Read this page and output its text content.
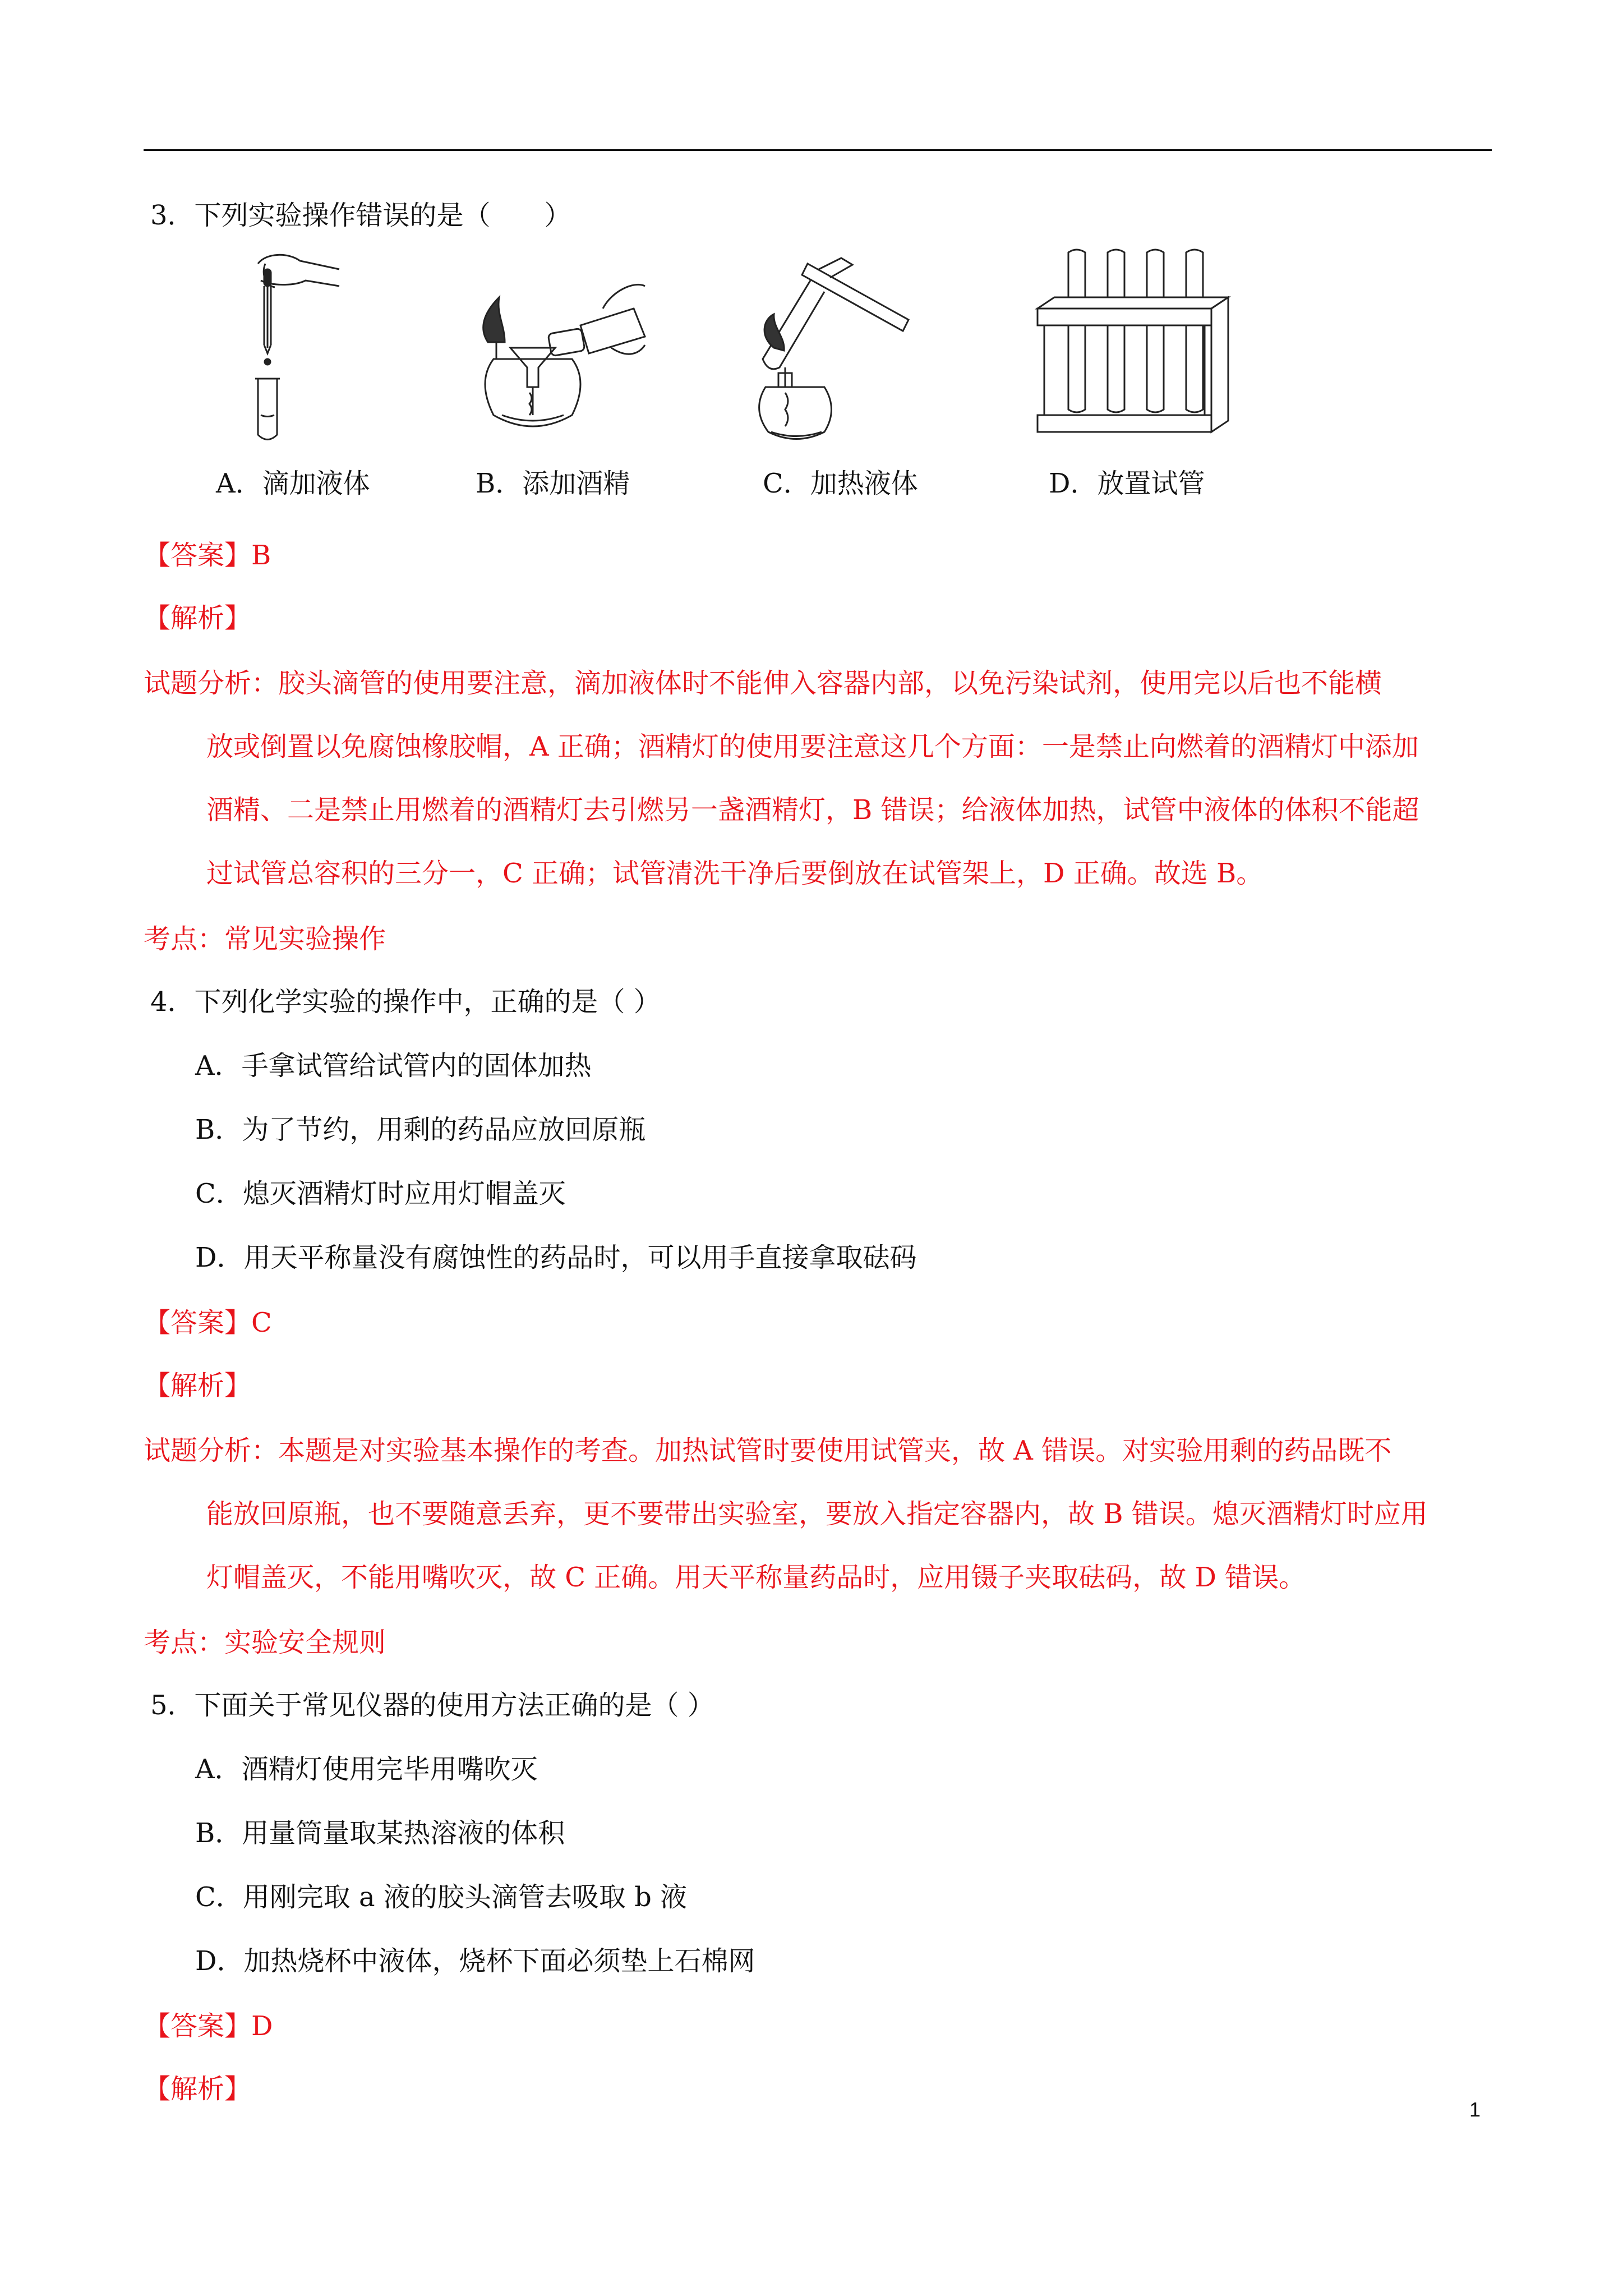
3．下列实验操作错误的是（　　）
A．滴加液体	B．添加酒精	C．加热液体	D．放置试管
【答案】B
【解析】
试题分析：胶头滴管的使用要注意，滴加液体时不能伸入容器内部，以免污染试剂，使用完以后也不能横
放或倒置以免腐蚀橡胶帽，A 正确；酒精灯的使用要注意这几个方面：一是禁止向燃着的酒精灯中添加
酒精、二是禁止用燃着的酒精灯去引燃另一盏酒精灯，B 错误；给液体加热，试管中液体的体积不能超
过试管总容积的三分一，C 正确；试管清洗干净后要倒放在试管架上，D 正确。故选 B。
考点：常见实验操作
4．下列化学实验的操作中，正确的是（ ）
A．手拿试管给试管内的固体加热
B．为了节约，用剩的药品应放回原瓶
C．熄灭酒精灯时应用灯帽盖灭
D．用天平称量没有腐蚀性的药品时，可以用手直接拿取砝码
【答案】C
【解析】
试题分析：本题是对实验基本操作的考查。加热试管时要使用试管夹，故 A 错误。对实验用剩的药品既不
能放回原瓶，也不要随意丢弃，更不要带出实验室，要放入指定容器内，故 B 错误。熄灭酒精灯时应用
灯帽盖灭，不能用嘴吹灭，故 C 正确。用天平称量药品时，应用镊子夹取砝码，故 D 错误。
考点：实验安全规则
5．下面关于常见仪器的使用方法正确的是（ ）
A．酒精灯使用完毕用嘴吹灭
B．用量筒量取某热溶液的体积
C．用刚完取 a 液的胶头滴管去吸取 b 液
D．加热烧杯中液体，烧杯下面必须垫上石棉网
【答案】D
【解析】
1
